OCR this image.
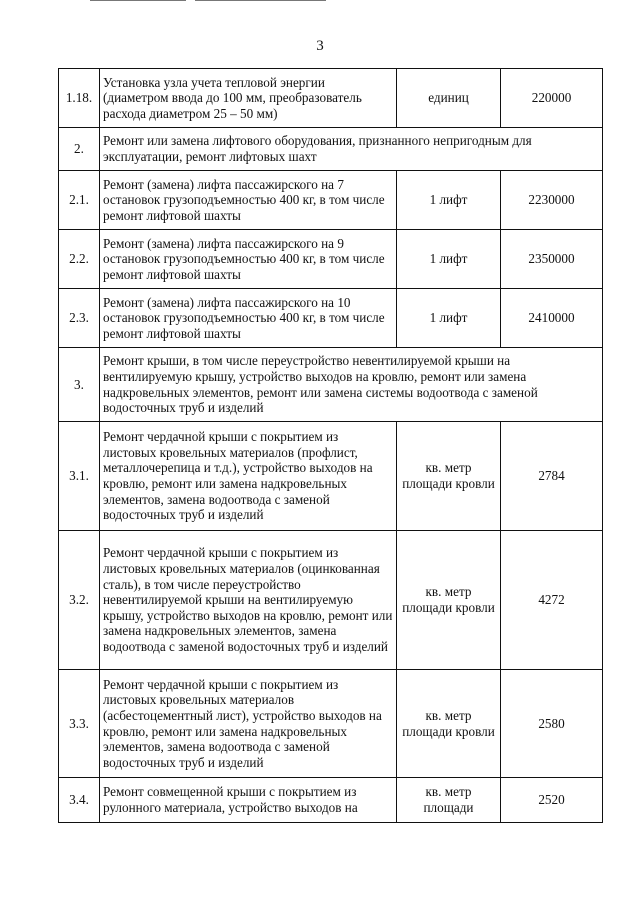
3
1.18.	Установка узла учета тепловой энергии (диаметром ввода до 100 мм, преобразователь расхода диаметром 25 – 50 мм)	единиц	220000
2.	Ремонт или замена лифтового оборудования, признанного непригодным для эксплуатации, ремонт лифтовых шахт		
2.1.	Ремонт (замена) лифта пассажирского на 7 остановок грузоподъемностью 400 кг, в том числе ремонт лифтовой шахты	1 лифт	2230000
2.2.	Ремонт (замена) лифта пассажирского на 9 остановок грузоподъемностью 400 кг, в том числе ремонт лифтовой шахты	1 лифт	2350000
2.3.	Ремонт (замена) лифта пассажирского на 10 остановок грузоподъемностью 400 кг, в том числе ремонт лифтовой шахты	1 лифт	2410000
3.	Ремонт крыши, в том числе переустройство невентилируемой крыши на вентилируемую крышу, устройство выходов на кровлю, ремонт или замена надкровельных элементов, ремонт или замена системы водоотвода с заменой водосточных труб и изделий		
3.1.	Ремонт чердачной крыши с покрытием из листовых кровельных материалов (профлист, металлочерепица и т.д.), устройство выходов на кровлю, ремонт или замена надкровельных элементов, замена водоотвода с заменой водосточных труб и изделий	кв. метр площади кровли	2784
3.2.	Ремонт чердачной крыши с покрытием из листовых кровельных материалов (оцинкованная сталь), в том числе переустройство невентилируемой крыши на вентилируемую крышу, устройство выходов на кровлю, ремонт или замена надкровельных элементов, замена водоотвода с заменой водосточных труб и изделий	кв. метр площади кровли	4272
3.3.	Ремонт чердачной крыши с покрытием из листовых кровельных материалов (асбестоцементный лист), устройство выходов на кровлю, ремонт или замена надкровельных элементов, замена водоотвода с заменой водосточных труб и изделий	кв. метр площади кровли	2580
3.4.	Ремонт совмещенной крыши с покрытием из рулонного материала, устройство выходов на	кв. метр площади	2520
